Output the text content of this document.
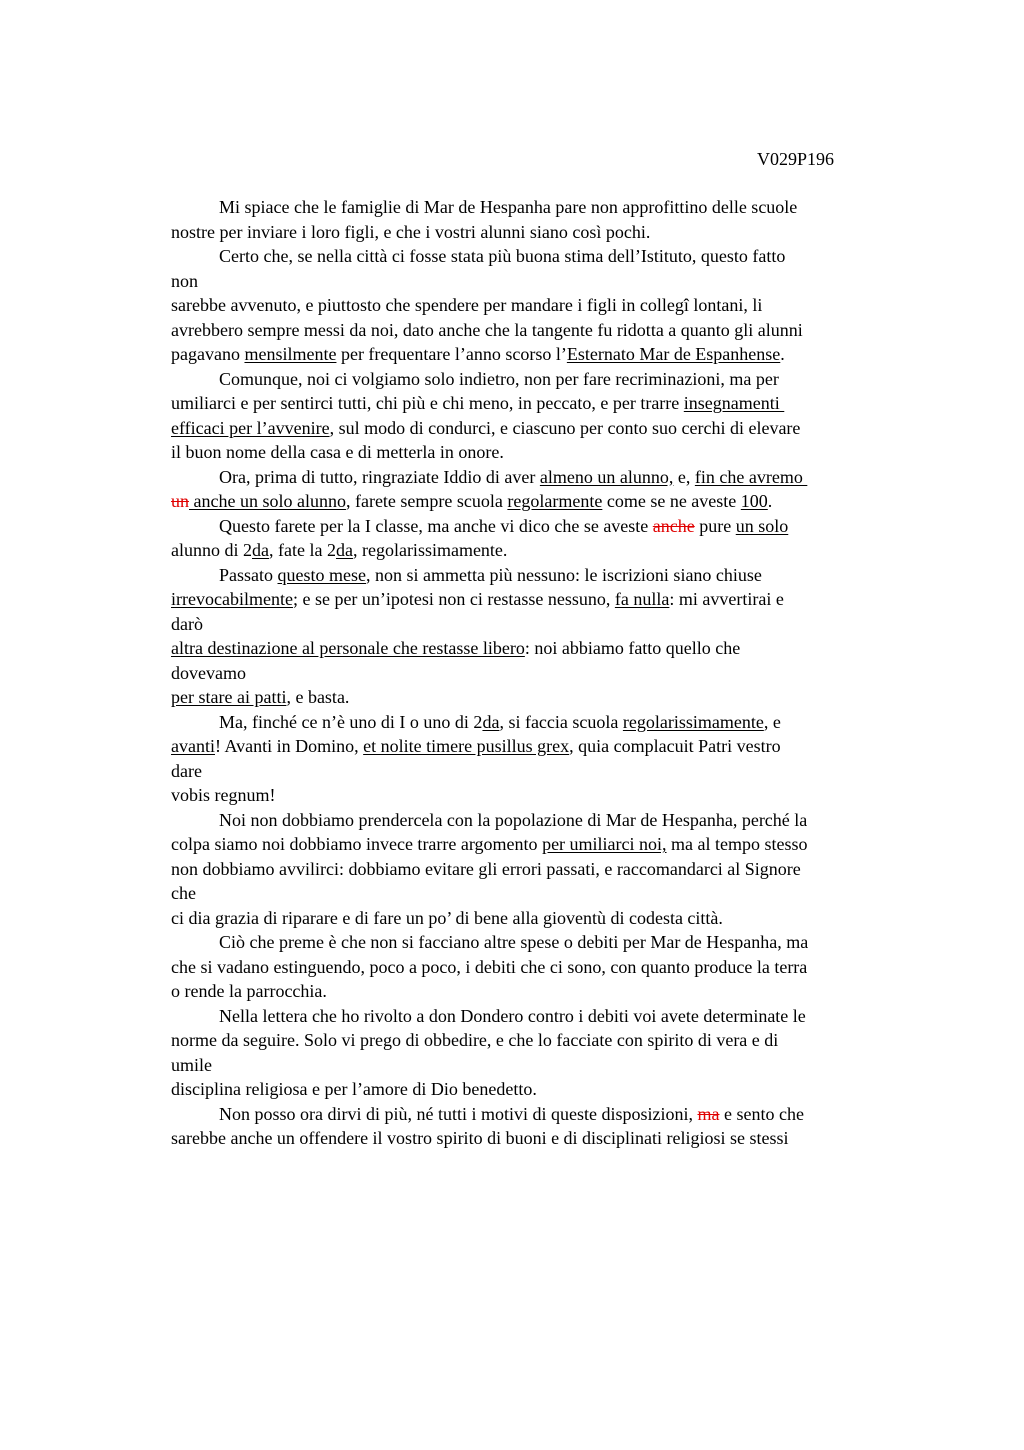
V029P196
Mi spiace che le famiglie di Mar de Hespanha pare non approfittino delle scuole
nostre per inviare i loro figli, e che i vostri alunni siano così pochi.
Certo che, se nella città ci fosse stata più buona stima dell’Istituto, questo fatto
non
sarebbe avvenuto, e piuttosto che spendere per mandare i figli in collegi lontani, li
avrebbero sempre messi da noi, dato anche che la tangente fu ridotta a quanto gli alunni
pagavano mensilmente per frequentare l’anno scorso l’Esternato Mar de Espanhense.
Comunque, noi ci volgiamo solo indietro, non per fare recriminazioni, ma per
umiliarci e per sentirci tutti, chi più e chi meno, in peccato, e per trarre insegnamenti
efficaci per l’avvenire, sul modo di condurci, e ciascuno per conto suo cerchi di elevare
il buon nome della casa e di metterla in onore.
Ora, prima di tutto, ringraziate Iddio di aver almeno un alunno, e, fin che avremo
un anche un solo alunno, farete sempre scuola regolarmente come se ne aveste 100.
Questo farete per la I classe, ma anche vi dico che se aveste anche pure un solo
alunno di 2da, fate la 2da, regolarissimamente.
Passato questo mese, non si ammetta più nessuno: le iscrizioni siano chiuse
irrevocabilmente; e se per un’ipotesi non ci restasse nessuno, fa nulla: mi avvertirai e
darò
altra destinazione al personale che restasse libero: noi abbiamo fatto quello che
dovevamo
per stare ai patti, e basta.
Ma, finché ce n’è uno di I o uno di 2da, si faccia scuola regolarissimamente, e
avanti! Avanti in Domino, et nolite timere pusillus grex, quia complacuit Patri vestro
dare
vobis regnum!
Noi non dobbiamo prendercela con la popolazione di Mar de Hespanha, perché la
colpa siamo noi dobbiamo invece trarre argomento per umiliarci noi, ma al tempo stesso
non dobbiamo avvilirci: dobbiamo evitare gli errori passati, e raccomandarci al Signore
che
ci dia grazia di riparare e di fare un po’ di bene alla gioventù di codesta città.
Ciò che preme è che non si facciano altre spese o debiti per Mar de Hespanha, ma
che si vadano estinguendo, poco a poco, i debiti che ci sono, con quanto produce la terra
o rende la parrocchia.
Nella lettera che ho rivolto a don Dondero contro i debiti voi avete determinate le
norme da seguire. Solo vi prego di obbedire, e che lo facciate con spirito di vera e di
umile
disciplina religiosa e per l’amore di Dio benedetto.
Non posso ora dirvi di più, né tutti i motivi di queste disposizioni, ma e sento che
sarebbe anche un offendere il vostro spirito di buoni e di disciplinati religiosi se stessi
